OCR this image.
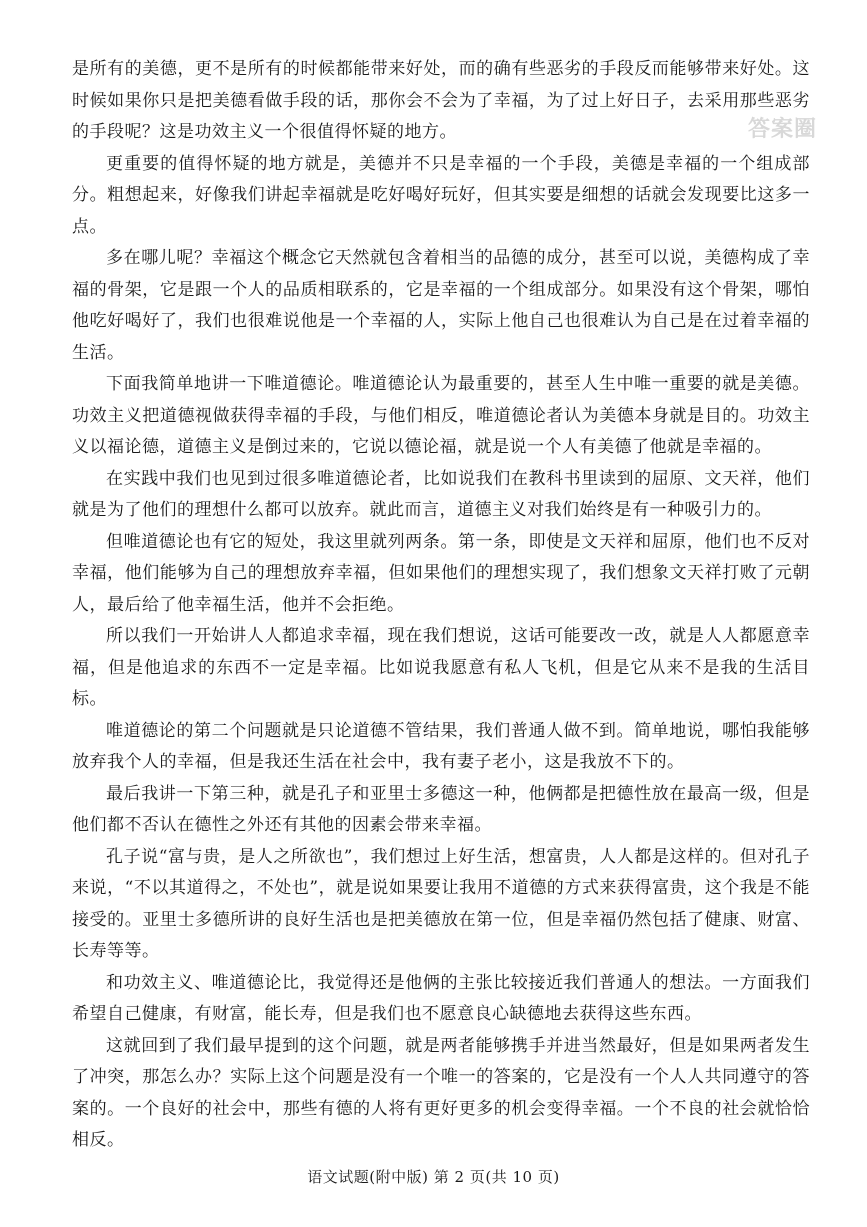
答案圈

是所有的美德，更不是所有的时候都能带来好处，而的确有些恶劣的手段反而能够带来好处。这时候如果你只是把美德看做手段的话，那你会不会为了幸福，为了过上好日子，去采用那些恶劣的手段呢？这是功效主义一个很值得怀疑的地方。

更重要的值得怀疑的地方就是，美德并不只是幸福的一个手段，美德是幸福的一个组成部分。粗想起来，好像我们讲起幸福就是吃好喝好玩好，但其实要是细想的话就会发现要比这多一点。

多在哪儿呢？幸福这个概念它天然就包含着相当的品德的成分，甚至可以说，美德构成了幸福的骨架，它是跟一个人的品质相联系的，它是幸福的一个组成部分。如果没有这个骨架，哪怕他吃好喝好了，我们也很难说他是一个幸福的人，实际上他自己也很难认为自己是在过着幸福的生活。

下面我简单地讲一下唯道德论。唯道德论认为最重要的，甚至人生中唯一重要的就是美德。功效主义把道德视做获得幸福的手段，与他们相反，唯道德论者认为美德本身就是目的。功效主义以福论德，道德主义是倒过来的，它说以德论福，就是说一个人有美德了他就是幸福的。

在实践中我们也见到过很多唯道德论者，比如说我们在教科书里读到的屈原、文天祥，他们就是为了他们的理想什么都可以放弃。就此而言，道德主义对我们始终是有一种吸引力的。

但唯道德论也有它的短处，我这里就列两条。第一条，即使是文天祥和屈原，他们也不反对幸福，他们能够为自己的理想放弃幸福，但如果他们的理想实现了，我们想象文天祥打败了元朝人，最后给了他幸福生活，他并不会拒绝。

所以我们一开始讲人人都追求幸福，现在我们想说，这话可能要改一改，就是人人都愿意幸福，但是他追求的东西不一定是幸福。比如说我愿意有私人飞机，但是它从来不是我的生活目标。

唯道德论的第二个问题就是只论道德不管结果，我们普通人做不到。简单地说，哪怕我能够放弃我个人的幸福，但是我还生活在社会中，我有妻子老小，这是我放不下的。

最后我讲一下第三种，就是孔子和亚里士多德这一种，他俩都是把德性放在最高一级，但是他们都不否认在德性之外还有其他的因素会带来幸福。

孔子说“富与贵，是人之所欲也”，我们想过上好生活，想富贵，人人都是这样的。但对孔子来说，“不以其道得之，不处也”，就是说如果要让我用不道德的方式来获得富贵，这个我是不能接受的。亚里士多德所讲的良好生活也是把美德放在第一位，但是幸福仍然包括了健康、财富、长寿等等。

和功效主义、唯道德论比，我觉得还是他俩的主张比较接近我们普通人的想法。一方面我们希望自己健康，有财富，能长寿，但是我们也不愿意良心缺德地去获得这些东西。

这就回到了我们最早提到的这个问题，就是两者能够携手并进当然最好，但是如果两者发生了冲突，那怎么办？实际上这个问题是没有一个唯一的答案的，它是没有一个人人共同遵守的答案的。一个良好的社会中，那些有德的人将有更好更多的机会变得幸福。一个不良的社会就恰恰相反。

语文试题(附中版) 第 2 页(共 10 页)
